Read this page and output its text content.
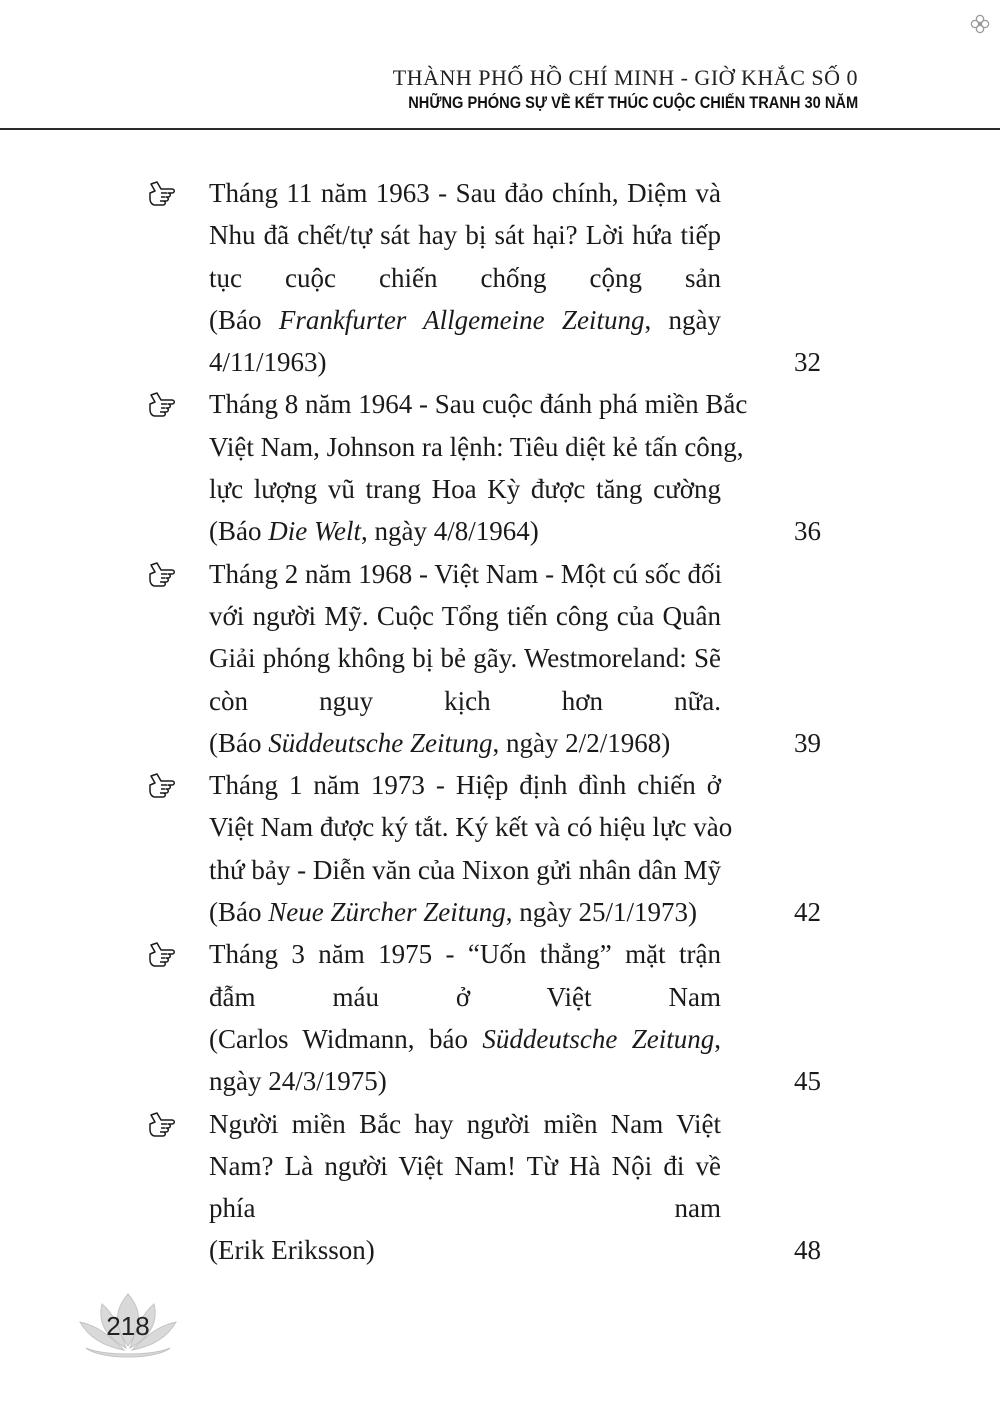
THÀNH PHỐ HỒ CHÍ MINH - GIỜ KHẮC SỐ 0
NHỮNG PHÓNG SỰ VỀ KẾT THÚC CUỘC CHIẾN TRANH 30 NĂM
Tháng 11 năm 1963 - Sau đảo chính, Diệm và
Nhu đã chết/tự sát hay bị sát hại? Lời hứa tiếp
tục cuộc chiến chống cộng sản
(Báo Frankfurter Allgemeine Zeitung, ngày
4/11/1963)	32
Tháng 8 năm 1964 - Sau cuộc đánh phá miền Bắc
Việt Nam, Johnson ra lệnh: Tiêu diệt kẻ tấn công,
lực lượng vũ trang Hoa Kỳ được tăng cường
(Báo Die Welt, ngày 4/8/1964)	36
Tháng 2 năm 1968 - Việt Nam - Một cú sốc đối
với người Mỹ. Cuộc Tổng tiến công của Quân
Giải phóng không bị bẻ gãy. Westmoreland: Sẽ
còn nguy kịch hơn nữa.
(Báo Süddeutsche Zeitung, ngày 2/2/1968)	39
Tháng 1 năm 1973 - Hiệp định đình chiến ở
Việt Nam được ký tắt. Ký kết và có hiệu lực vào
thứ bảy - Diễn văn của Nixon gửi nhân dân Mỹ
(Báo Neue Zürcher Zeitung, ngày 25/1/1973)	42
Tháng 3 năm 1975 - “Uốn thẳng” mặt trận
đẫm máu ở Việt Nam
(Carlos Widmann, báo Süddeutsche Zeitung,
ngày 24/3/1975)	45
Người miền Bắc hay người miền Nam Việt
Nam? Là người Việt Nam! Từ Hà Nội đi về
phía nam
(Erik Eriksson)	48
218
